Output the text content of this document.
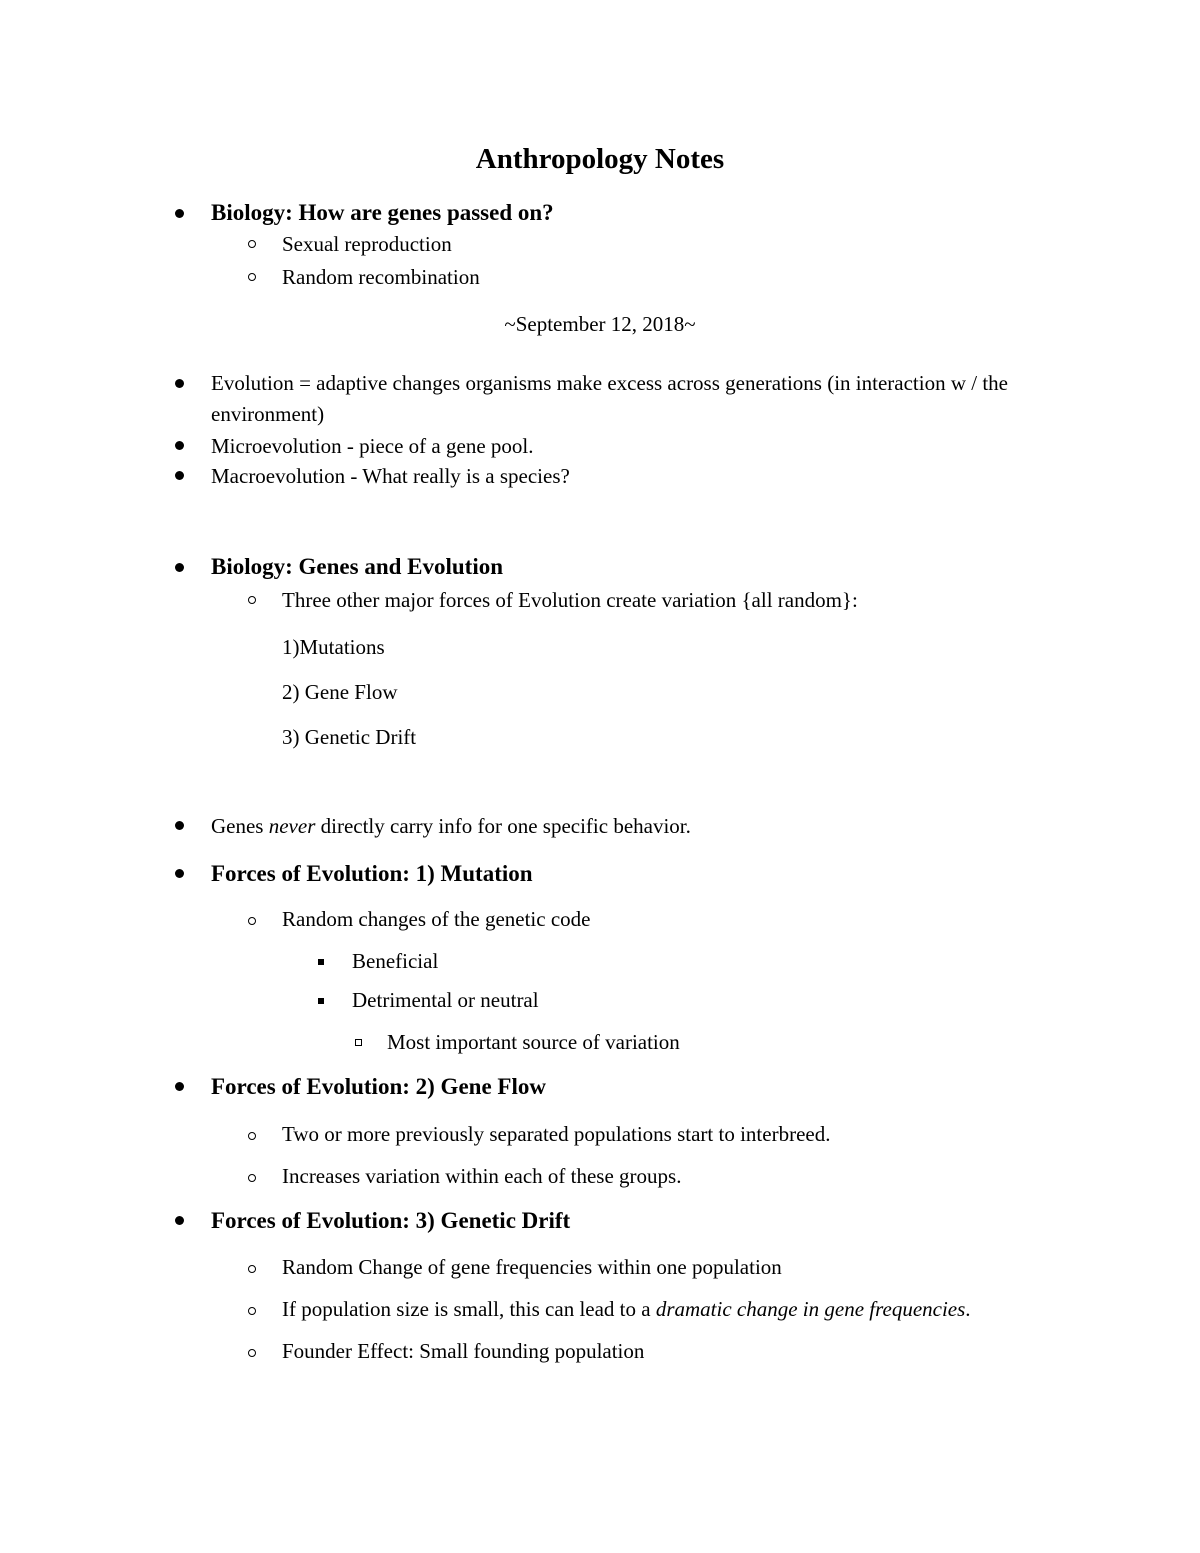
Anthropology Notes

Biology: How are genes passed on?

Sexual reproduction

Random recombination

~September 12, 2018~

Evolution = adaptive changes organisms make excess across generations (in interaction w / the environment)

Microevolution - piece of a gene pool.

Macroevolution - What really is a species?

Biology: Genes and Evolution

Three other major forces of Evolution create variation {all random}:

1)Mutations

2) Gene Flow

3) Genetic Drift

Genes never directly carry info for one specific behavior.

Forces of Evolution: 1) Mutation

Random changes of the genetic code

Beneficial

Detrimental or neutral

Most important source of variation

Forces of Evolution: 2) Gene Flow

Two or more previously separated populations start to interbreed.

Increases variation within each of these groups.

Forces of Evolution: 3) Genetic Drift

Random Change of gene frequencies within one population

If population size is small, this can lead to a dramatic change in gene frequencies.

Founder Effect: Small founding population
